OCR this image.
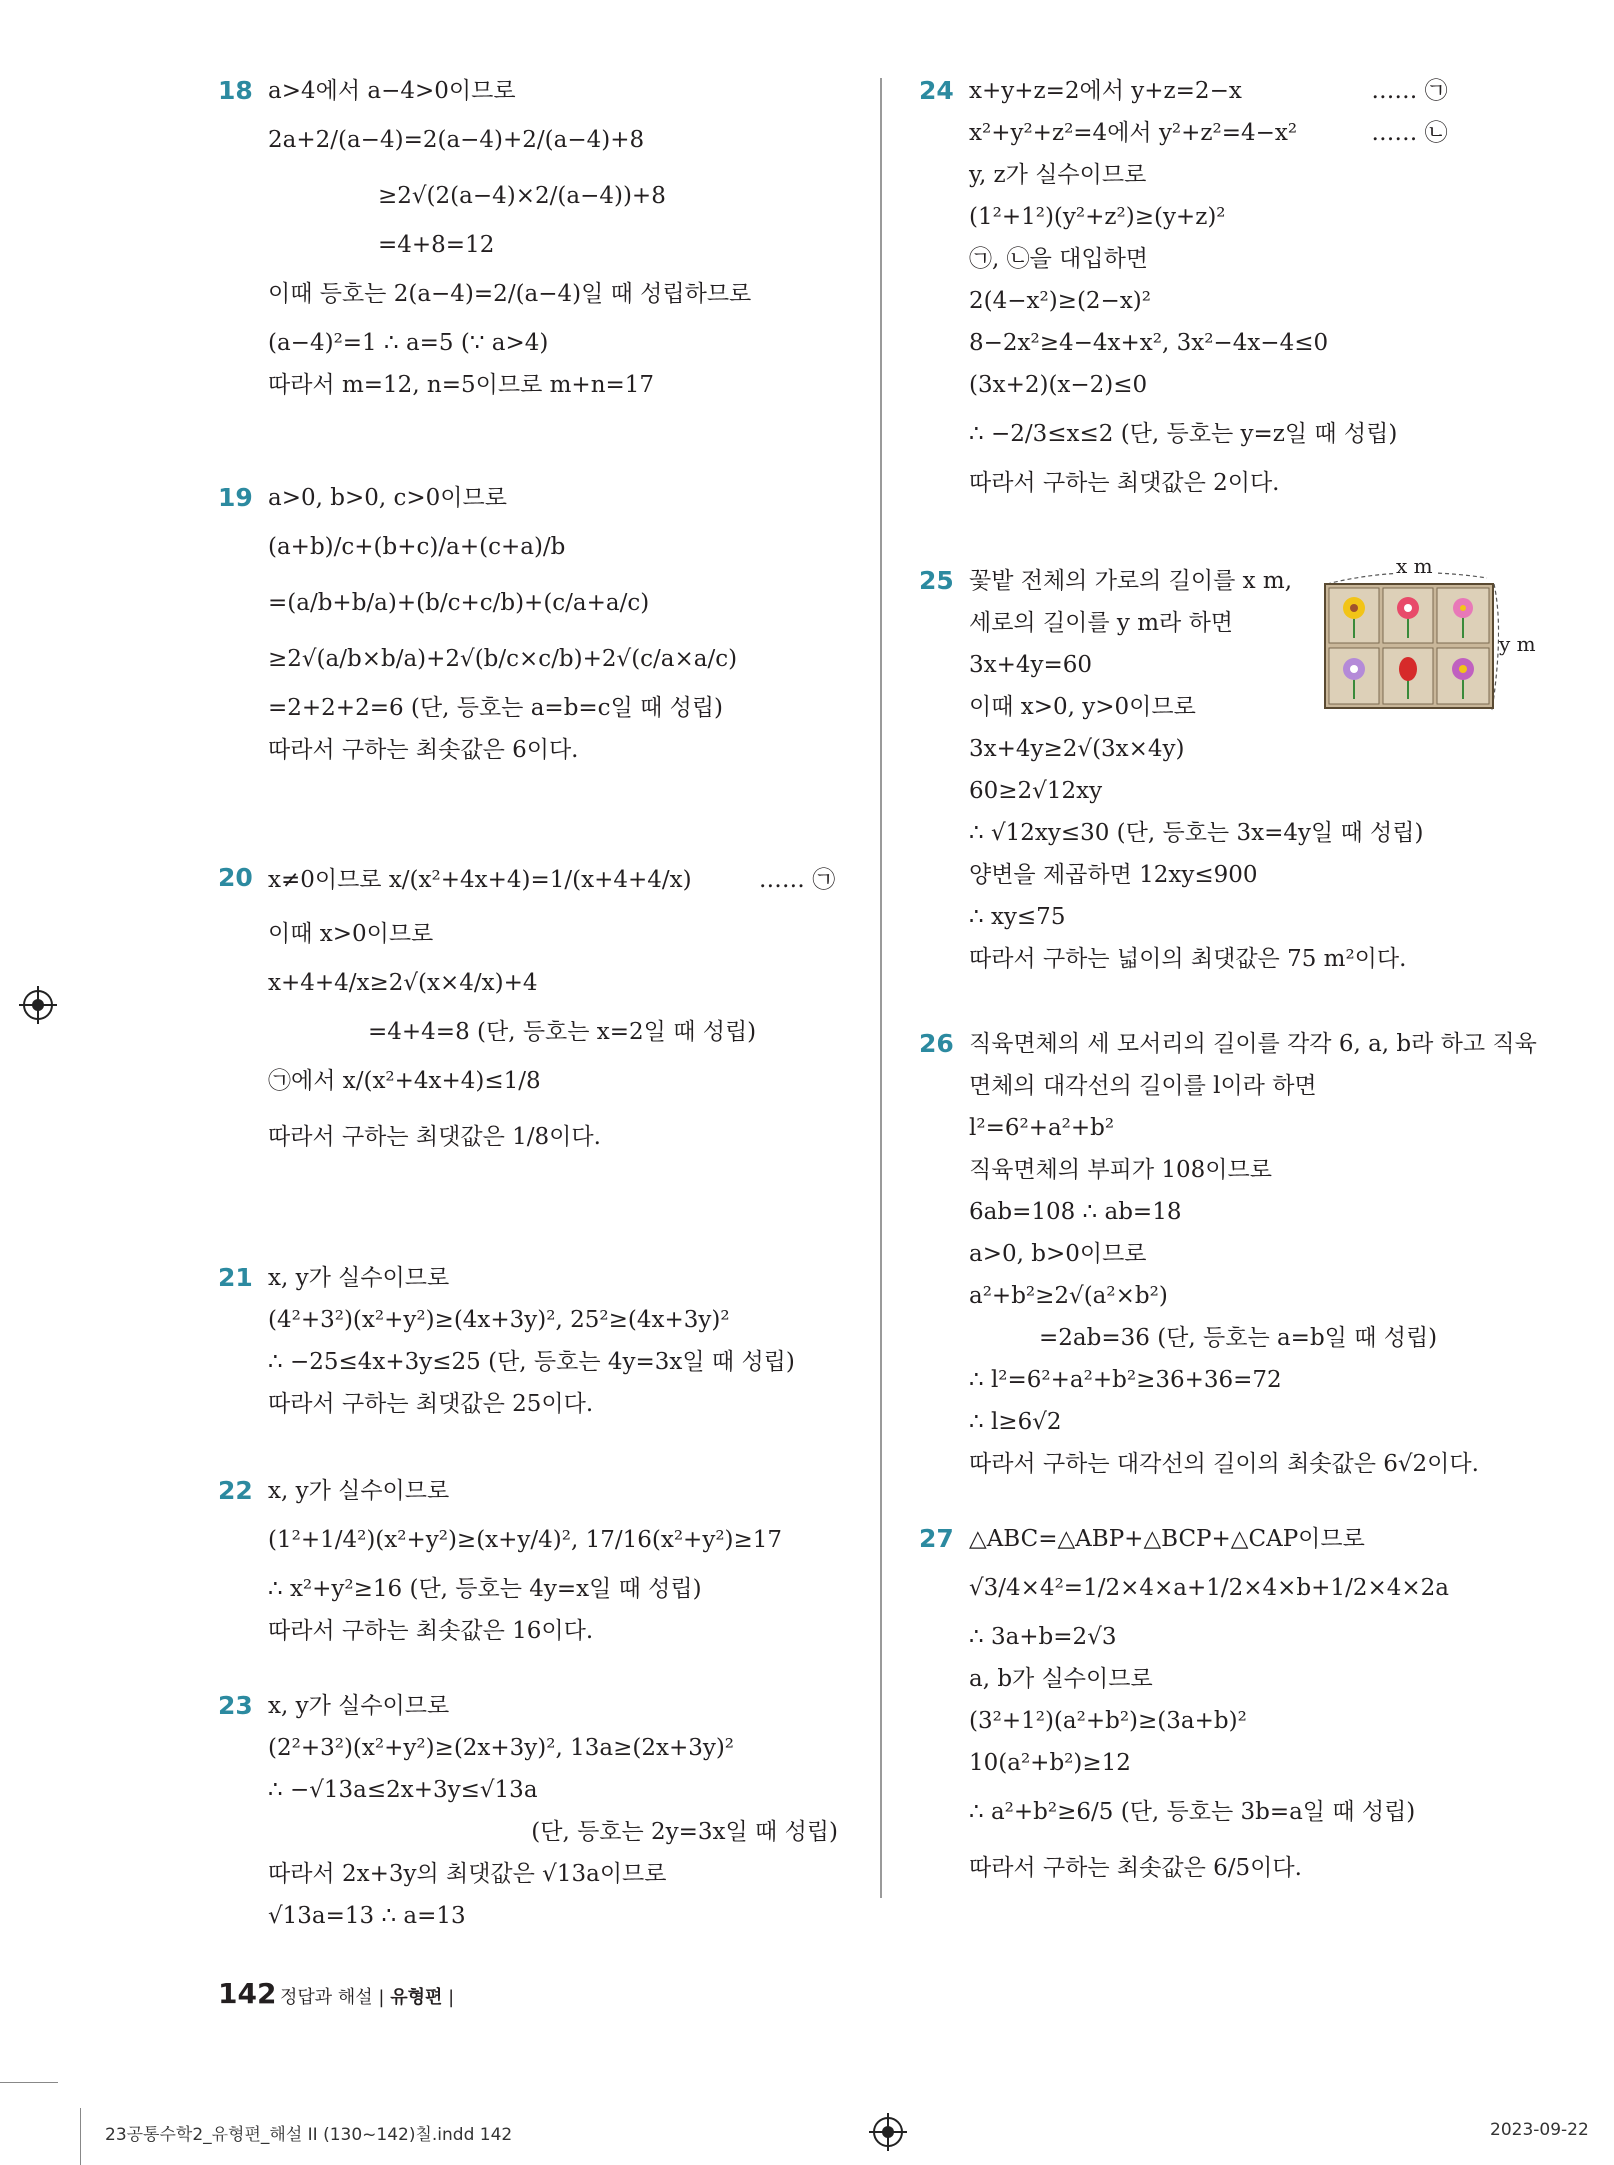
18 a>4에서 a−4>0이므로
2a+2/(a−4)=2(a−4)+2/(a−4)+8
≥2√(2(a−4)×2/(a−4))+8
=4+8=12
이때 등호는 2(a−4)=2/(a−4)일 때 성립하므로
(a−4)²=1 ∴ a=5 (∵ a>4)
따라서 m=12, n=5이므로 m+n=17
19 a>0, b>0, c>0이므로
(a+b)/c+(b+c)/a+(c+a)/b
=(a/b+b/a)+(b/c+c/b)+(c/a+a/c)
≥2√(a/b×b/a)+2√(b/c×c/b)+2√(c/a×a/c)
=2+2+2=6 (단, 등호는 a=b=c일 때 성립)
따라서 구하는 최솟값은 6이다.
20 x≠0이므로 x/(x²+4x+4)=1/(x+4+4/x)	…… ㉠
이때 x>0이므로
x+4+4/x≥2√(x×4/x)+4
=4+4=8 (단, 등호는 x=2일 때 성립)
㉠에서 x/(x²+4x+4)≤1/8
따라서 구하는 최댓값은 1/8이다.
21 x, y가 실수이므로
(4²+3²)(x²+y²)≥(4x+3y)², 25²≥(4x+3y)²
∴ −25≤4x+3y≤25 (단, 등호는 4y=3x일 때 성립)
따라서 구하는 최댓값은 25이다.
22 x, y가 실수이므로
(1²+1/4²)(x²+y²)≥(x+y/4)², 17/16(x²+y²)≥17
∴ x²+y²≥16 (단, 등호는 4y=x일 때 성립)
따라서 구하는 최솟값은 16이다.
23 x, y가 실수이므로
(2²+3²)(x²+y²)≥(2x+3y)², 13a≥(2x+3y)²
∴ −√13a≤2x+3y≤√13a
(단, 등호는 2y=3x일 때 성립)
따라서 2x+3y의 최댓값은 √13a이므로
√13a=13 ∴ a=13
24 x+y+z=2에서 y+z=2−x	…… ㉠
x²+y²+z²=4에서 y²+z²=4−x²	…… ㉡
y, z가 실수이므로
(1²+1²)(y²+z²)≥(y+z)²
㉠, ㉡을 대입하면
2(4−x²)≥(2−x)²
8−2x²≥4−4x+x², 3x²−4x−4≤0
(3x+2)(x−2)≤0
∴ −2/3≤x≤2 (단, 등호는 y=z일 때 성립)
따라서 구하는 최댓값은 2이다.
25 꽃밭 전체의 가로의 길이를 x m,
세로의 길이를 y m라 하면
3x+4y=60
이때 x>0, y>0이므로
3x+4y≥2√(3x×4y)
60≥2√12xy
∴ √12xy≤30 (단, 등호는 3x=4y일 때 성립)
양변을 제곱하면 12xy≤900
∴ xy≤75
따라서 구하는 넓이의 최댓값은 75 m²이다.
x m
y m
26 직육면체의 세 모서리의 길이를 각각 6, a, b라 하고 직육
면체의 대각선의 길이를 l이라 하면
l²=6²+a²+b²
직육면체의 부피가 108이므로
6ab=108 ∴ ab=18
a>0, b>0이므로
a²+b²≥2√(a²×b²)
=2ab=36 (단, 등호는 a=b일 때 성립)
∴ l²=6²+a²+b²≥36+36=72
∴ l≥6√2
따라서 구하는 대각선의 길이의 최솟값은 6√2이다.
27 △ABC=△ABP+△BCP+△CAP이므로
√3/4×4²=1/2×4×a+1/2×4×b+1/2×4×2a
∴ 3a+b=2√3
a, b가 실수이므로
(3²+1²)(a²+b²)≥(3a+b)²
10(a²+b²)≥12
∴ a²+b²≥6/5 (단, 등호는 3b=a일 때 성립)
따라서 구하는 최솟값은 6/5이다.
142 정답과 해설 | 유형편 |
23공통수학2_유형편_해설 II (130~142)칠.indd 142	2023-09-22
